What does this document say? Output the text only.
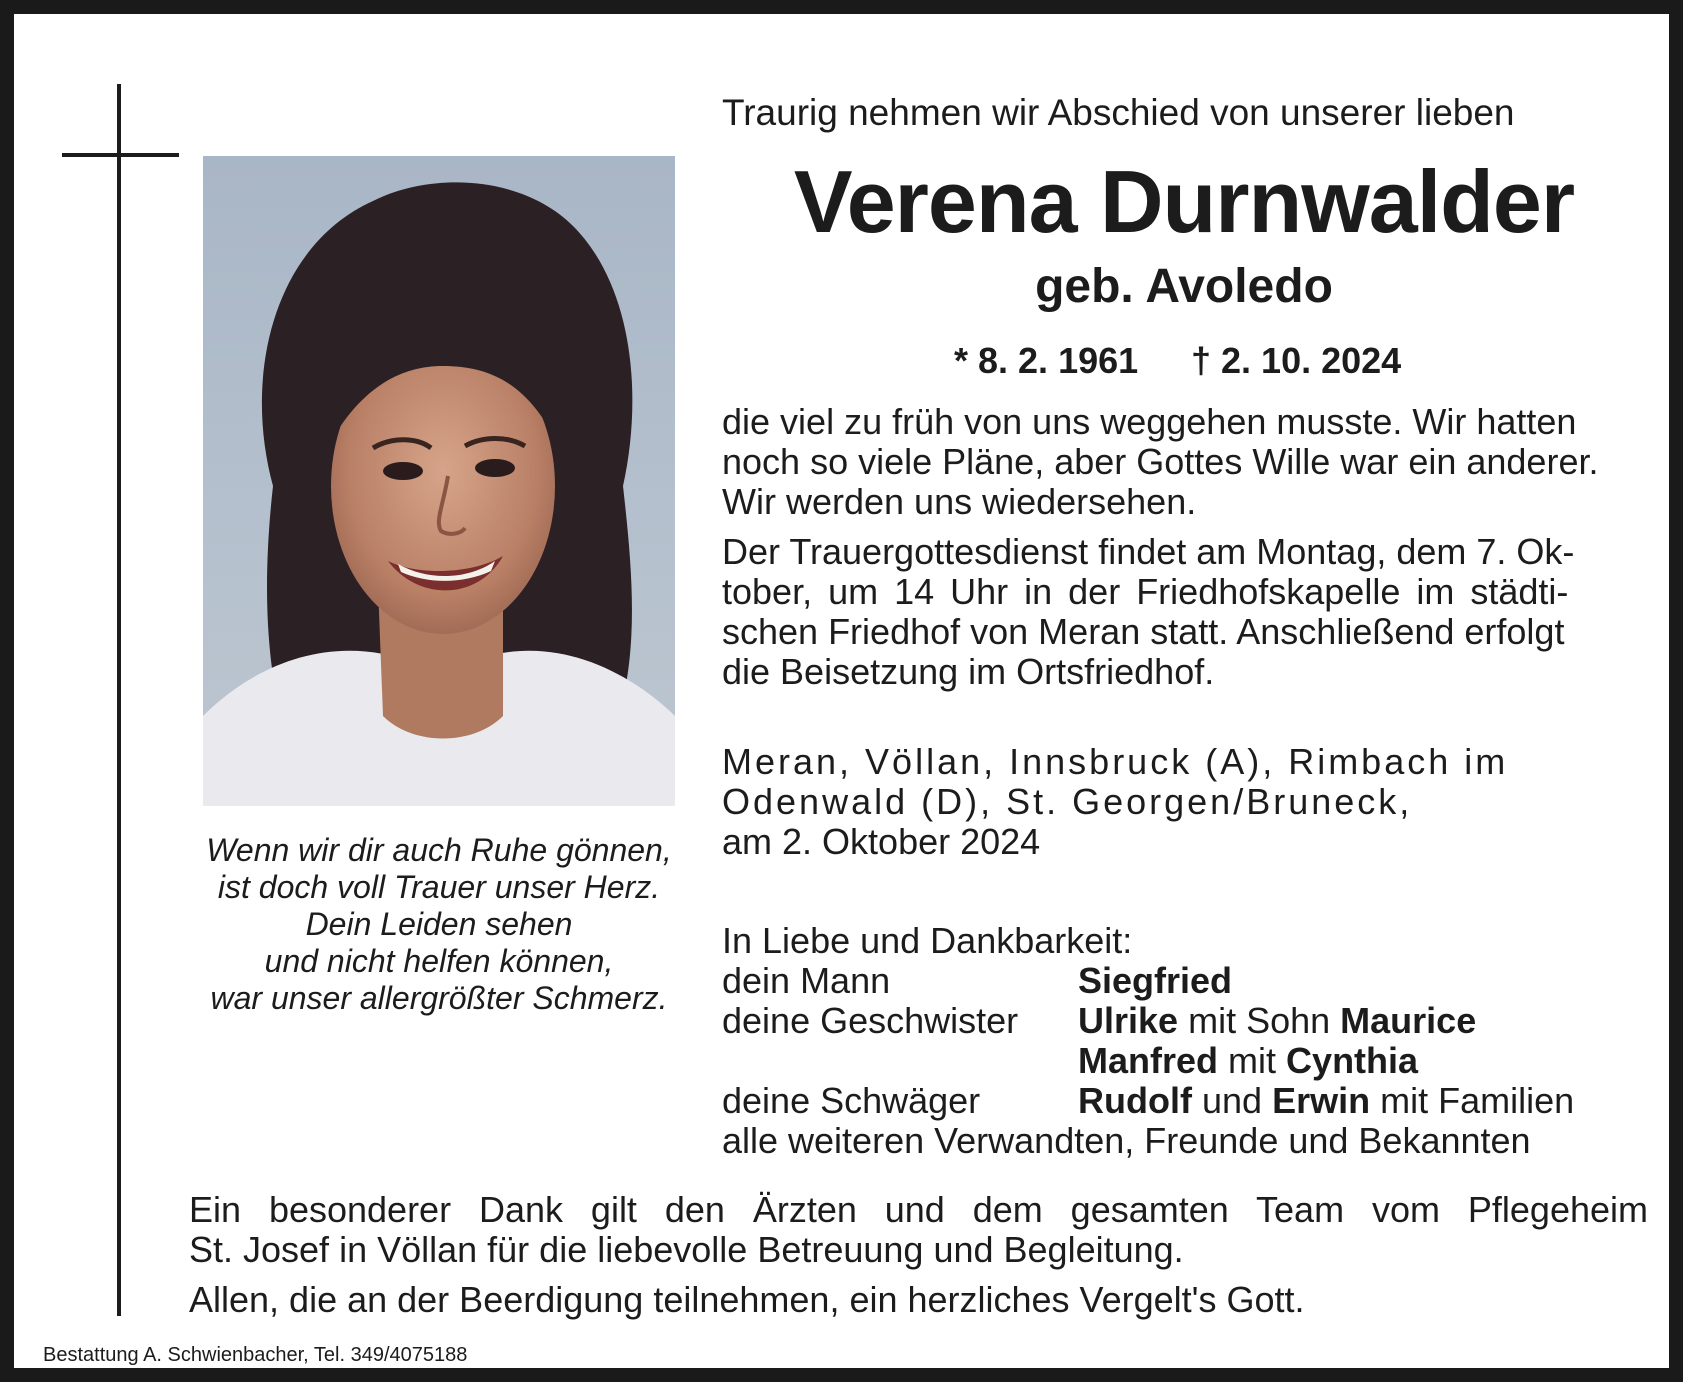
Traurig nehmen wir Abschied von unserer lieben
Verena Durnwalder
geb. Avoledo
* 8. 2. 1961 † 2. 10. 2024
die viel zu früh von uns weggehen musste. Wir hatten
noch so viele Pläne, aber Gottes Wille war ein anderer.
Wir werden uns wiedersehen.
Der Trauergottesdienst findet am Montag, dem 7. Ok-
tober, um 14 Uhr in der Friedhofskapelle im städti-
schen Friedhof von Meran statt. Anschließend erfolgt
die Beisetzung im Ortsfriedhof.
Meran, Völlan, Innsbruck (A), Rimbach im
Odenwald (D), St. Georgen/Bruneck,
am 2. Oktober 2024
Wenn wir dir auch Ruhe gönnen,
ist doch voll Trauer unser Herz.
Dein Leiden sehen
und nicht helfen können,
war unser allergrößter Schmerz.
In Liebe und Dankbarkeit:
dein Mann	Siegfried
deine Geschwister Ulrike mit Sohn Maurice
Manfred mit Cynthia
deine Schwäger	Rudolf und Erwin mit Familien
alle weiteren Verwandten, Freunde und Bekannten
Ein besonderer Dank gilt den Ärzten und dem gesamten Team vom Pflegeheim
St. Josef in Völlan für die liebevolle Betreuung und Begleitung.
Allen, die an der Beerdigung teilnehmen, ein herzliches Vergelt's Gott.
Bestattung A. Schwienbacher, Tel. 349/4075188
